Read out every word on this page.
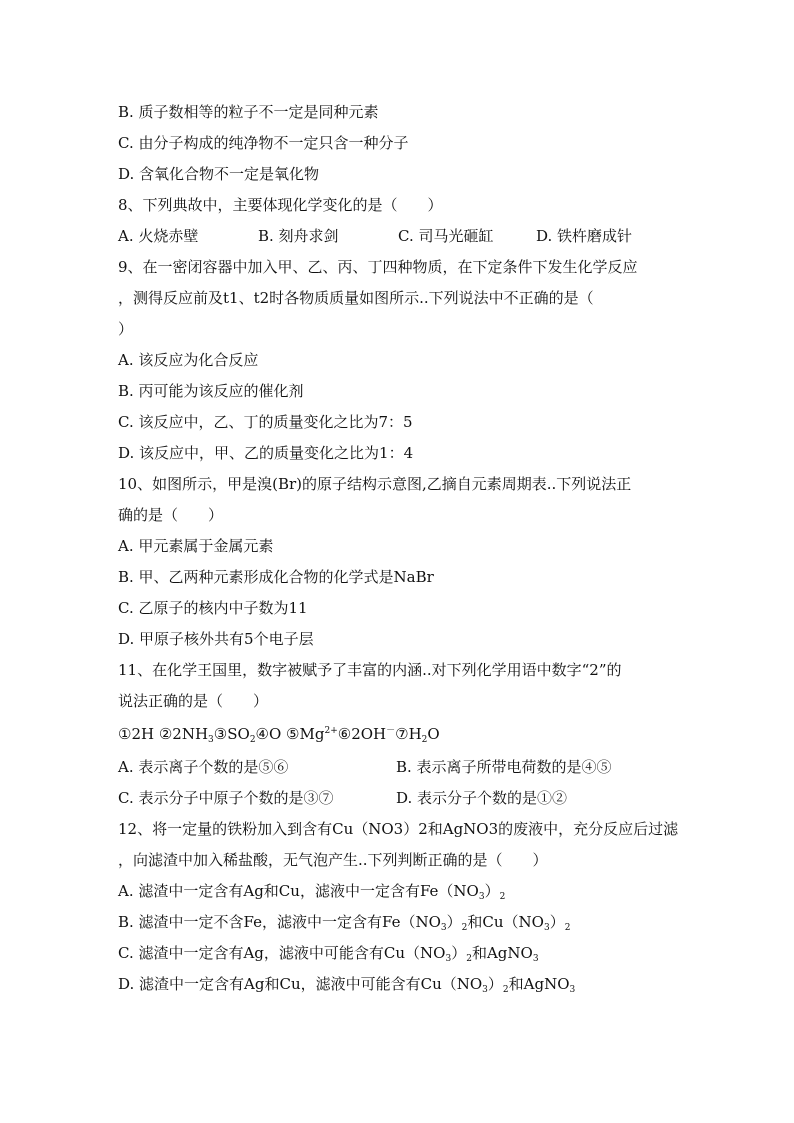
B. 质子数相等的粒子不一定是同种元素
C. 由分子构成的纯净物不一定只含一种分子
D. 含氧化合物不一定是氧化物
8、下列典故中，主要体现化学变化的是（　　）
A. 火烧赤壁	B. 刻舟求剑	C. 司马光砸缸	D. 铁杵磨成针
9、在一密闭容器中加入甲、乙、丙、丁四种物质，在下定条件下发生化学反应
，测得反应前及t1、t2时各物质质量如图所示..下列说法中不正确的是（
）
A. 该反应为化合反应
B. 丙可能为该反应的催化剂
C. 该反应中，乙、丁的质量变化之比为7：5
D. 该反应中，甲、乙的质量变化之比为1：4
10、如图所示，甲是溴(Br)的原子结构示意图,乙摘自元素周期表..下列说法正
确的是（　　）
A. 甲元素属于金属元素
B. 甲、乙两种元素形成化合物的化学式是NaBr
C. 乙原子的核内中子数为11
D. 甲原子核外共有5个电子层
11、在化学王国里，数字被赋予了丰富的内涵..对下列化学用语中数字“2”的
说法正确的是（　　）
①2H $②2NH_3③SO_2④O$ $⑤Mg^{2+}⑥2OH^-⑦H_2O$
A. 表示离子个数的是⑤⑥	B. 表示离子所带电荷数的是④⑤
C. 表示分子中原子个数的是③⑦	D. 表示分子个数的是①②
12、将一定量的铁粉加入到含有Cu（NO3）2和AgNO3的废液中，充分反应后过滤
，向滤渣中加入稀盐酸，无气泡产生..下列判断正确的是（　　）
A. 滤渣中一定含有Ag和Cu，滤液中一定含有$Fe(NO_3)_2$
B. 滤渣中一定不含Fe，滤液中一定含有$Fe(NO_3)_2$和$Cu(NO_3)_2$
C. 滤渣中一定含有Ag，滤液中可能含有$Cu(NO_3)_2$和AgNO$_3$
D. 滤渣中一定含有Ag和Cu，滤液中可能含有$Cu(NO_3)_2$和AgNO$_3$
